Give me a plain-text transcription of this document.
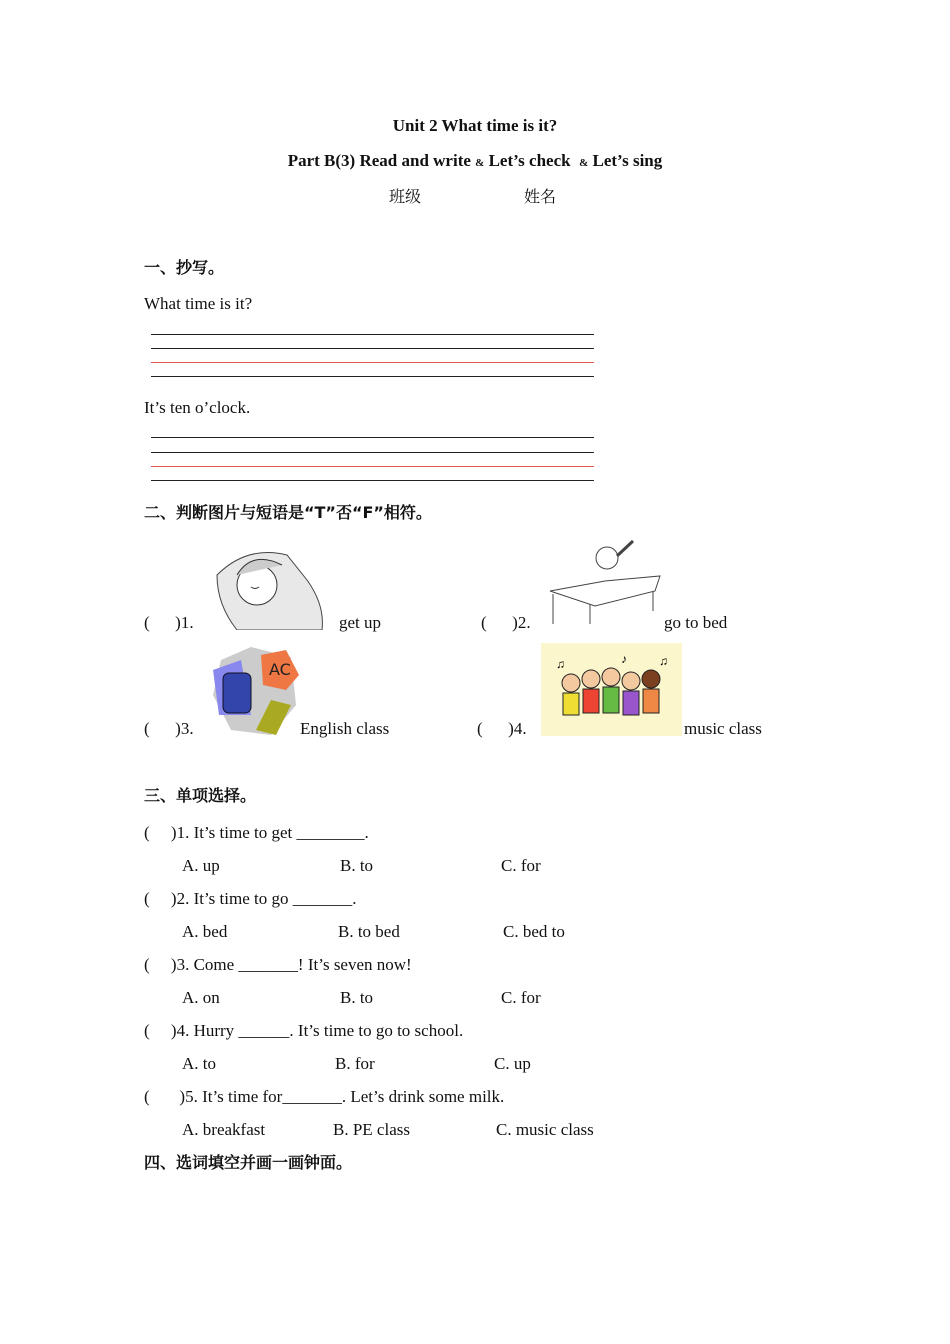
Unit 2 What time is it?
Part B(3) Read and write & Let’s check & Let’s sing
班级	姓名
一、抄写。
What time is it?
It’s ten o’clock.
二、判断图片与短语是“T”否“F”相符。
(      )1.	get up	(      )2.	go to bed
(      )3.
AC
English class	(      )4.
♫	♪	♫
music class
三、单项选择。
(     )1. It’s time to get ________.
A. up	B. to	C. for
(     )2. It’s time to go _______.
A. bed	B. to bed	C. bed to
(     )3. Come _______! It’s seven now!
A. on	B. to	C. for
(     )4. Hurry ______. It’s time to go to school.
A. to	B. for	C. up
(       )5. It’s time for_______. Let’s drink some milk.
A. breakfast	B. PE class	C. music class
四、选词填空并画一画钟面。
